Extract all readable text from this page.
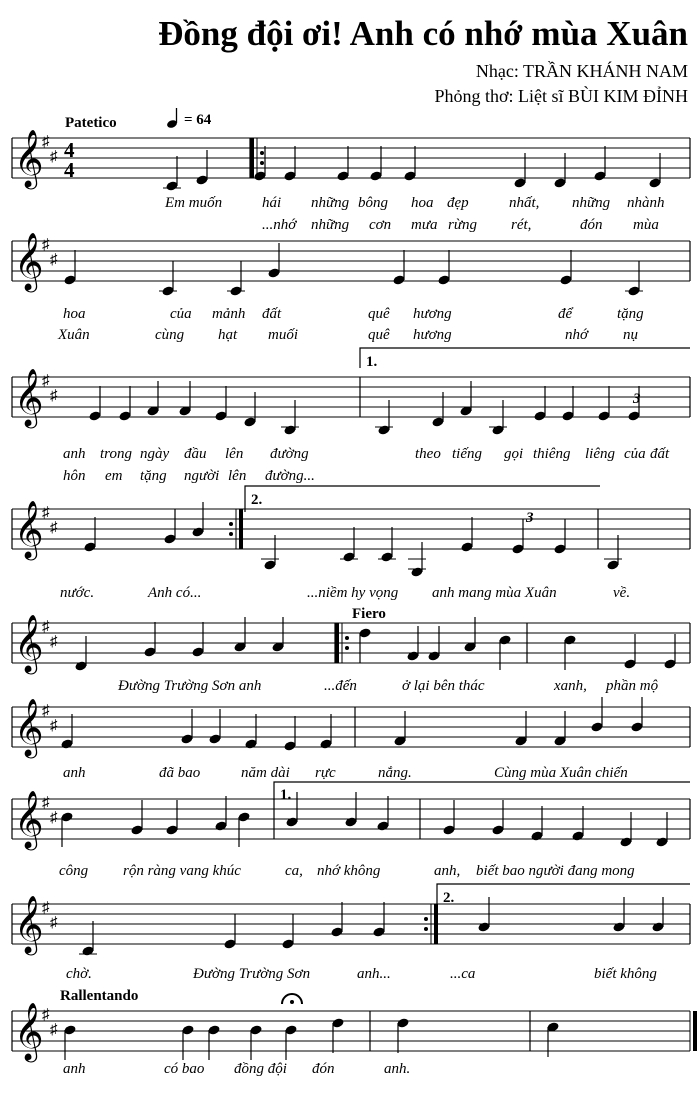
Đồng đội ơi! Anh có nhớ mùa Xuân
Nhạc: TRẦN KHÁNH NAM
Phỏng thơ: Liệt sĩ BÙI KIM ĐỈNH
Patetico	= 64
Fiero
Rallentando
1.
2.
1.
2.
3
3
Em muốn	hái những bông hoa đẹp	nhất, những nhành
...nhớ những cơn mưa rừng rét,	đón mùa
hoa	của mảnh đất	quê hương	để	tặng
Xuân	cùng hạt muối	quê hương	nhớ nụ
anh trong ngày đầu lên đường	theo tiếng gọi thiêng liêng của đất
hôn em tặng người lên đường...
nước.	Anh có...	...niềm hy vọng anh mang mùa Xuân	về.
Đường Trường Sơn anh	...đến	ở lại bên thác	xanh, phần mộ
anh	đã bao	năm dài rực	nắng.	Cùng mùa Xuân chiến
công rộn ràng vang khúc	ca, nhớ không	anh, biết bao người đang mong
chờ.	Đường Trường Sơn	anh...	...ca	biết không
anh	có bao đồng đội đón	anh.
𝄞
♯
♯
𝄞
♯
♯
𝄞
♯
♯
𝄞
♯
♯
𝄞
♯
♯
𝄞
♯
♯
𝄞
♯
♯
𝄞
♯
♯
𝄞
♯
♯
4
4
